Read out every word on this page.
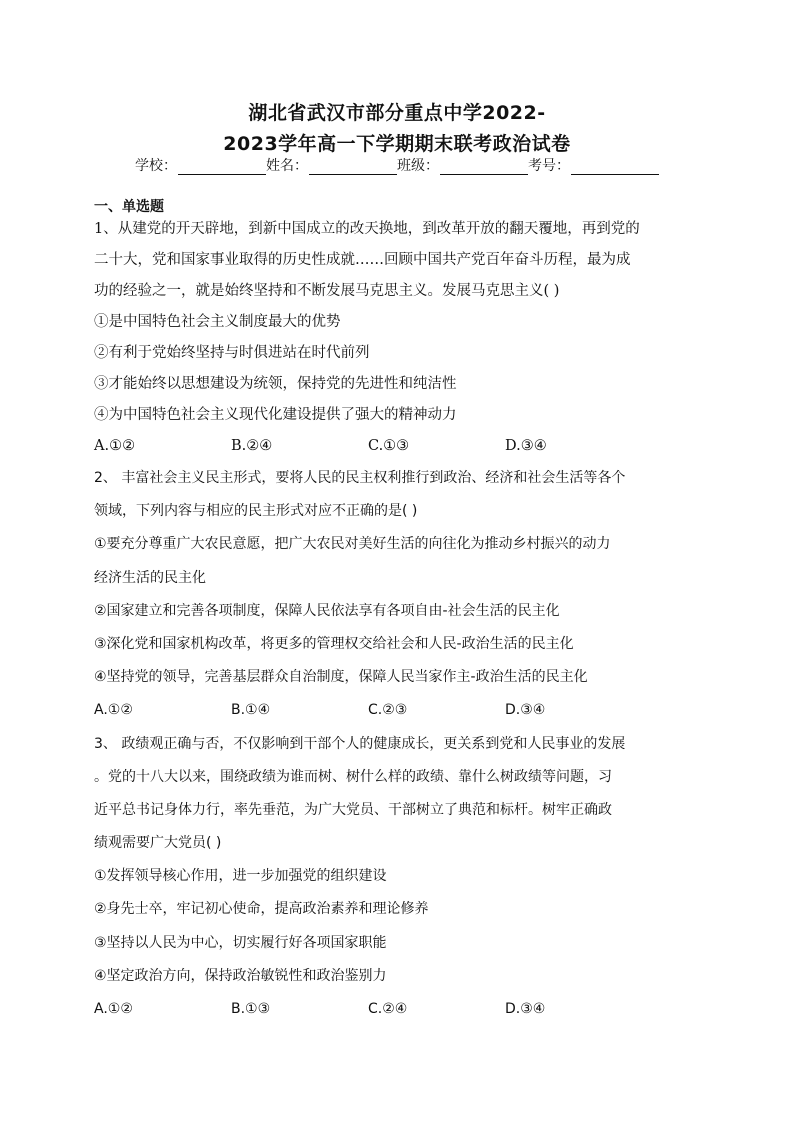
湖北省武汉市部分重点中学2022-
2023学年高一下学期期末联考政治试卷
学校：	姓名：	班级：	考号：
一、单选题
1、从建党的开天辟地，到新中国成立的改天换地，到改革开放的翻天覆地，再到党的
二十大，党和国家事业取得的历史性成就……回顾中国共产党百年奋斗历程，最为成
功的经验之一，就是始终坚持和不断发展马克思主义。发展马克思主义( )
①是中国特色社会主义制度最大的优势
②有利于党始终坚持与时俱进站在时代前列
③才能始终以思想建设为统领，保持党的先进性和纯洁性
④为中国特色社会主义现代化建设提供了强大的精神动力
A.①②	B.②④	C.①③	D.③④
2、 丰富社会主义民主形式，要将人民的民主权利推行到政治、经济和社会生活等各个
领域，下列内容与相应的民主形式对应不正确的是( )
①要充分尊重广大农民意愿，把广大农民对美好生活的向往化为推动乡村振兴的动力
经济生活的民主化
②国家建立和完善各项制度，保障人民依法享有各项自由-社会生活的民主化
③深化党和国家机构改革，将更多的管理权交给社会和人民-政治生活的民主化
④坚持党的领导，完善基层群众自治制度，保障人民当家作主-政治生活的民主化
A.①②	B.①④	C.②③	D.③④
3、 政绩观正确与否，不仅影响到干部个人的健康成长，更关系到党和人民事业的发展
。党的十八大以来，围绕政绩为谁而树、树什么样的政绩、靠什么树政绩等问题，习
近平总书记身体力行，率先垂范，为广大党员、干部树立了典范和标杆。树牢正确政
绩观需要广大党员( )
①发挥领导核心作用，进一步加强党的组织建设
②身先士卒，牢记初心使命，提高政治素养和理论修养
③坚持以人民为中心，切实履行好各项国家职能
④坚定政治方向，保持政治敏锐性和政治鉴别力
A.①②	B.①③	C.②④	D.③④
